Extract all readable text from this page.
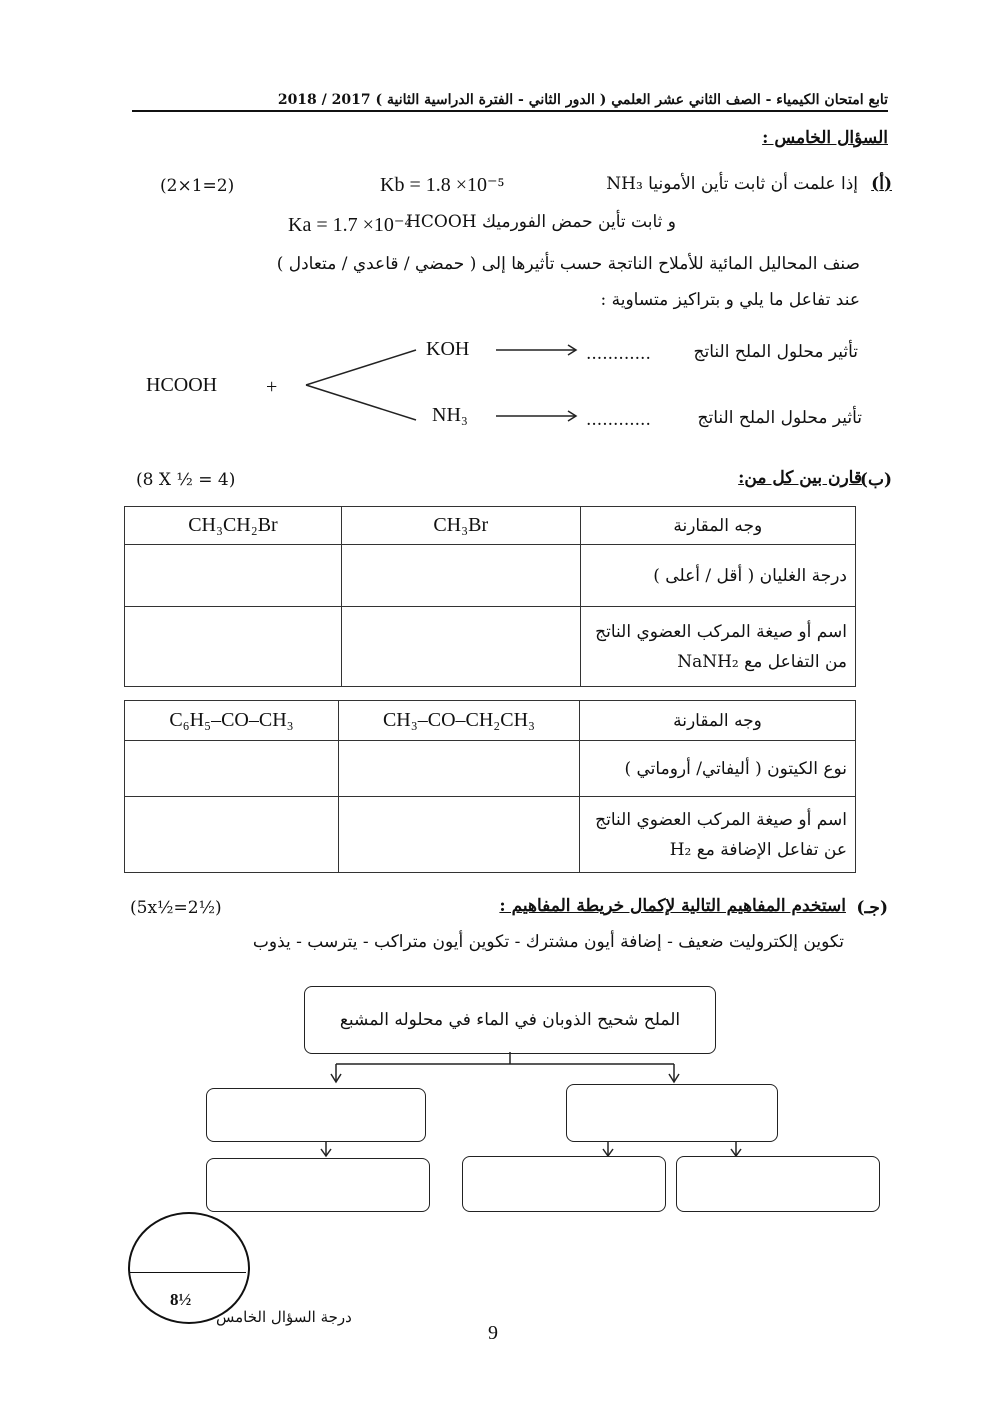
تابع امتحان الكيمياء - الصف الثاني عشر العلمي ( الدور الثاني - الفترة الدراسية الثانية ) 2017 / 2018
السؤال الخامس :
(أ)
(2×1=2)	إذا علمت أن ثابت تأين الأمونيا NH₃
Kb = 1.8 ×10⁻⁵
و ثابت تأين حمض الفورميك HCOOH
Ka = 1.7 ×10⁻⁴
صنف المحاليل المائية للأملاح الناتجة حسب تأثيرها إلى ( حمضي / قاعدي / متعادل )
عند تفاعل ما يلي و بتراكيز متساوية :
HCOOH +
KOH
NH₃
............
............
تأثير محلول الملح الناتج
تأثير محلول الملح الناتج
(ب)
قارن بين كل من:
(8 X ½ = 4)
CH₃CH₂Br	CH₃Br	وجه المقارنة
		درجة الغليان ( أقل / أعلى )
		اسم أو صيغة المركب العضوي الناتج من التفاعل مع NaNH₂
C₆H₅–CO–CH₃	CH₃–CO–CH₂CH₃	وجه المقارنة
		نوع الكيتون ( أليفاتي/ أروماتي )
		اسم أو صيغة المركب العضوي الناتج عن تفاعل الإضافة مع H₂
(جـ)
استخدم المفاهيم التالية لإكمال خريطة المفاهيم :
(5x½=2½)
تكوين إلكتروليت ضعيف - إضافة أيون مشترك - تكوين أيون متراكب - يترسب - يذوب
الملح شحيح الذوبان في الماء في محلوله المشبع
8½
درجة السؤال الخامس
9
